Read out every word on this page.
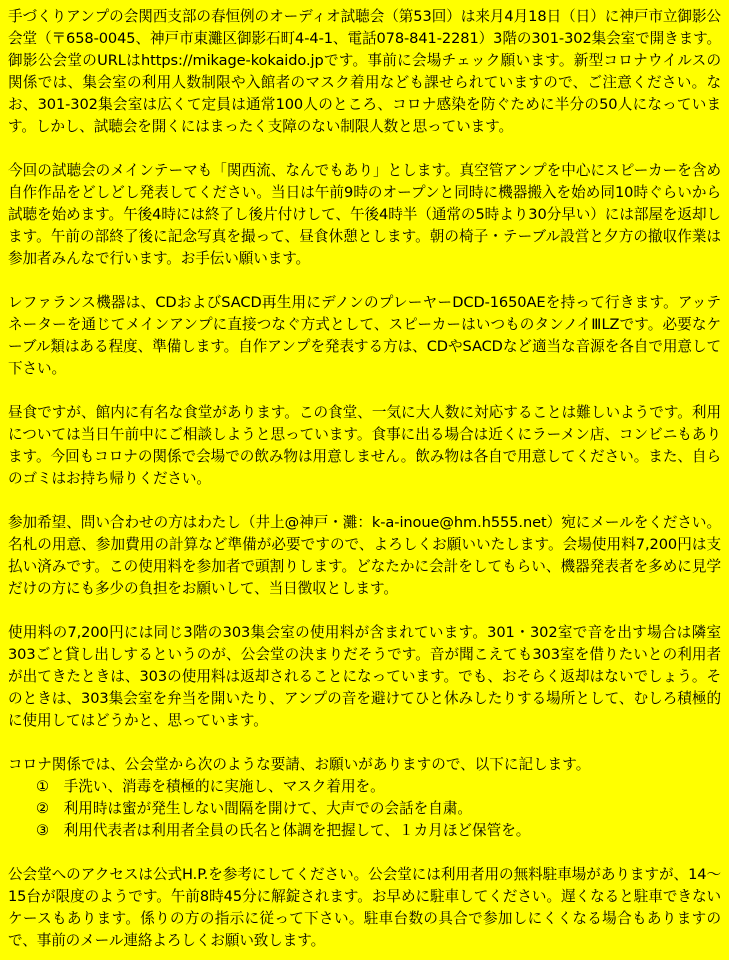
手づくりアンプの会関西支部の春恒例のオーディオ試聴会（第53回）は来月4月18日（日）に神戸市立御影公会堂（〒658-0045、神戸市東灘区御影石町4-4-1、電話078-841-2281）3階の301-302集会室で開きます。御影公会堂のURLはhttps://mikage-kokaido.jpです。事前に会場チェック願います。新型コロナウイルスの関係では、集会室の利用人数制限や入館者のマスク着用なども課せられていますので、ご注意ください。なお、301-302集会室は広くて定員は通常100人のところ、コロナ感染を防ぐために半分の50人になっています。しかし、試聴会を開くにはまったく支障のない制限人数と思っています。

今回の試聴会のメインテーマも「関西流、なんでもあり」とします。真空管アンプを中心にスピーカーを含め自作作品をどしどし発表してください。当日は午前9時のオープンと同時に機器搬入を始め同10時ぐらいから試聴を始めます。午後4時には終了し後片付けして、午後4時半（通常の5時より30分早い）には部屋を返却します。午前の部終了後に記念写真を撮って、昼食休憩とします。朝の椅子・テーブル設営と夕方の撤収作業は参加者みんなで行います。お手伝い願います。

レファランス機器は、CDおよびSACD再生用にデノンのプレーヤーDCD-1650AEを持って行きます。アッテネーターを通じてメインアンプに直接つなぐ方式として、スピーカーはいつものタンノイⅢLZです。必要なケーブル類はある程度、準備します。自作アンプを発表する方は、CDやSACDなど適当な音源を各自で用意して下さい。

昼食ですが、館内に有名な食堂があります。この食堂、一気に大人数に対応することは難しいようです。利用については当日午前中にご相談しようと思っています。食事に出る場合は近くにラーメン店、コンビニもあります。今回もコロナの関係で会場での飲み物は用意しません。飲み物は各自で用意してください。また、自らのゴミはお持ち帰りください。

参加希望、問い合わせの方はわたし（井上@神戸・灘：k-a-inoue@hm.h555.net）宛にメールをください。名札の用意、参加費用の計算など準備が必要ですので、よろしくお願いいたします。会場使用料7,200円は支払い済みです。この使用料を参加者で頭割りします。どなたかに会計をしてもらい、機器発表者を多めに見学だけの方にも多少の負担をお願いして、当日徴収とします。

使用料の7,200円には同じ3階の303集会室の使用料が含まれています。301・302室で音を出す場合は隣室303ごと貸し出しするというのが、公会堂の決まりだそうです。音が聞こえても303室を借りたいとの利用者が出てきたときは、303の使用料は返却されることになっています。でも、おそらく返却はないでしょう。そのときは、303集会室を弁当を開いたり、アンプの音を避けてひと休みしたりする場所として、むしろ積極的に使用してはどうかと、思っています。

コロナ関係では、公会堂から次のような要請、お願いがありますので、以下に記します。
①　手洗い、消毒を積極的に実施し、マスク着用を。
②　利用時は蜜が発生しない間隔を開けて、大声での会話を自粛。
③　利用代表者は利用者全員の氏名と体調を把握して、１カ月ほど保管を。

公会堂へのアクセスは公式H.P.を参考にしてください。公会堂には利用者用の無料駐車場がありますが、14～15台が限度のようです。午前8時45分に解錠されます。お早めに駐車してください。遅くなると駐車できないケースもあります。係りの方の指示に従って下さい。駐車台数の具合で参加しにくくなる場合もありますので、事前のメール連絡よろしくお願い致します。
